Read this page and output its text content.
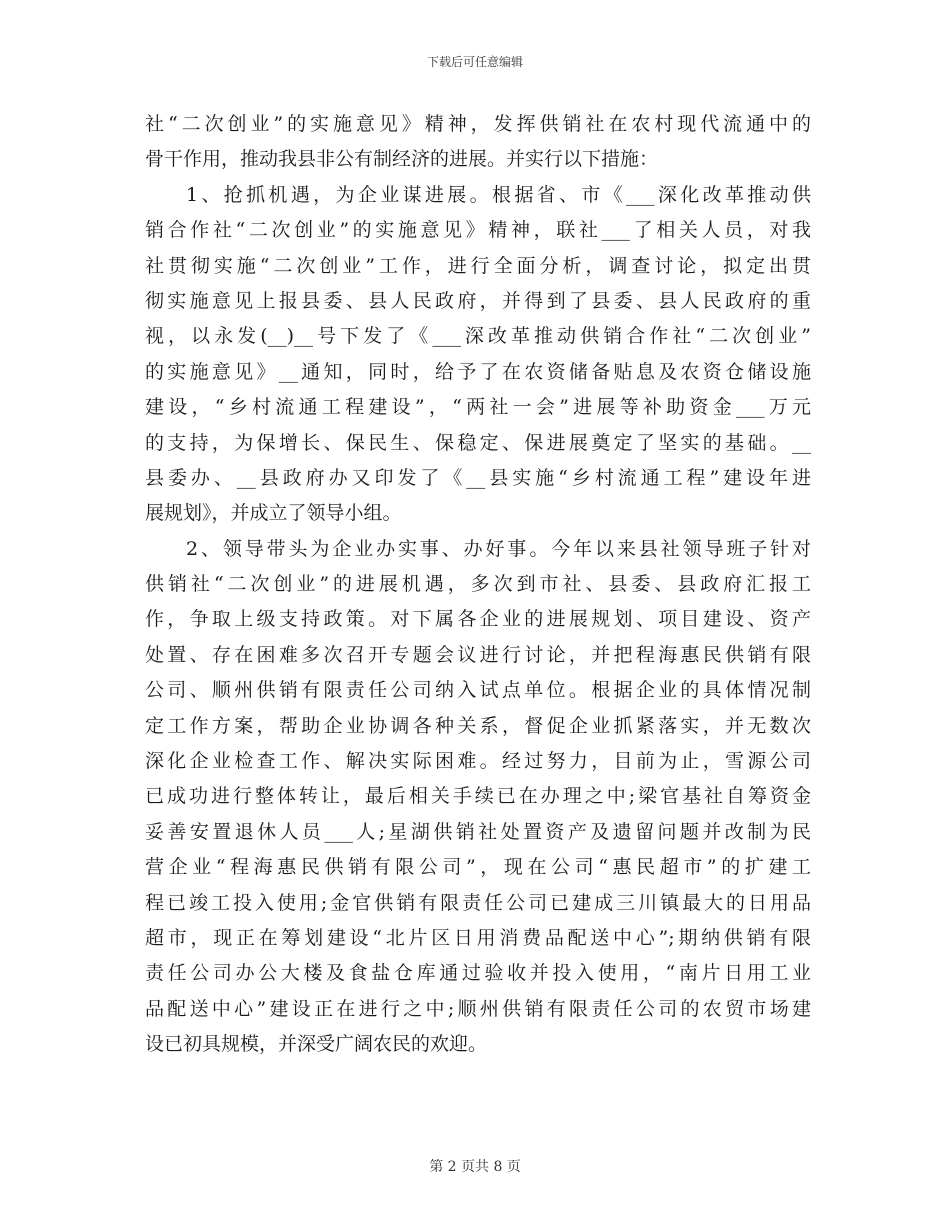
下载后可任意编辑
社“二次创业”的实施意见》精神，发挥供销社在农村现代流通中的
骨干作用，推动我县非公有制经济的进展。并实行以下措施：
1、抢抓机遇，为企业谋进展。根据省、市《___深化改革推动供
销合作社“二次创业”的实施意见》精神，联社___了相关人员，对我
社贯彻实施“二次创业”工作，进行全面分析，调查讨论，拟定出贯
彻实施意见上报县委、县人民政府，并得到了县委、县人民政府的重
视，以永发(__)__号下发了《___深改革推动供销合作社“二次创业”
的实施意见》__通知，同时，给予了在农资储备贴息及农资仓储设施
建设，“乡村流通工程建设”，“两社一会”进展等补助资金___万元
的支持，为保增长、保民生、保稳定、保进展奠定了坚实的基础。__
县委办、__县政府办又印发了《__县实施“乡村流通工程”建设年进
展规划》，并成立了领导小组。
2、领导带头为企业办实事、办好事。今年以来县社领导班子针对
供销社“二次创业”的进展机遇，多次到市社、县委、县政府汇报工
作，争取上级支持政策。对下属各企业的进展规划、项目建设、资产
处置、存在困难多次召开专题会议进行讨论，并把程海惠民供销有限
公司、顺州供销有限责任公司纳入试点单位。根据企业的具体情况制
定工作方案，帮助企业协调各种关系，督促企业抓紧落实，并无数次
深化企业检查工作、解决实际困难。经过努力，目前为止，雪源公司
已成功进行整体转让，最后相关手续已在办理之中;梁官基社自筹资金
妥善安置退休人员___人;星湖供销社处置资产及遗留问题并改制为民
营企业“程海惠民供销有限公司”，现在公司“惠民超市”的扩建工
程已竣工投入使用;金官供销有限责任公司已建成三川镇最大的日用品
超市，现正在筹划建设“北片区日用消费品配送中心”;期纳供销有限
责任公司办公大楼及食盐仓库通过验收并投入使用，“南片日用工业
品配送中心”建设正在进行之中;顺州供销有限责任公司的农贸市场建
设已初具规模，并深受广阔农民的欢迎。
第 2 页共 8 页
